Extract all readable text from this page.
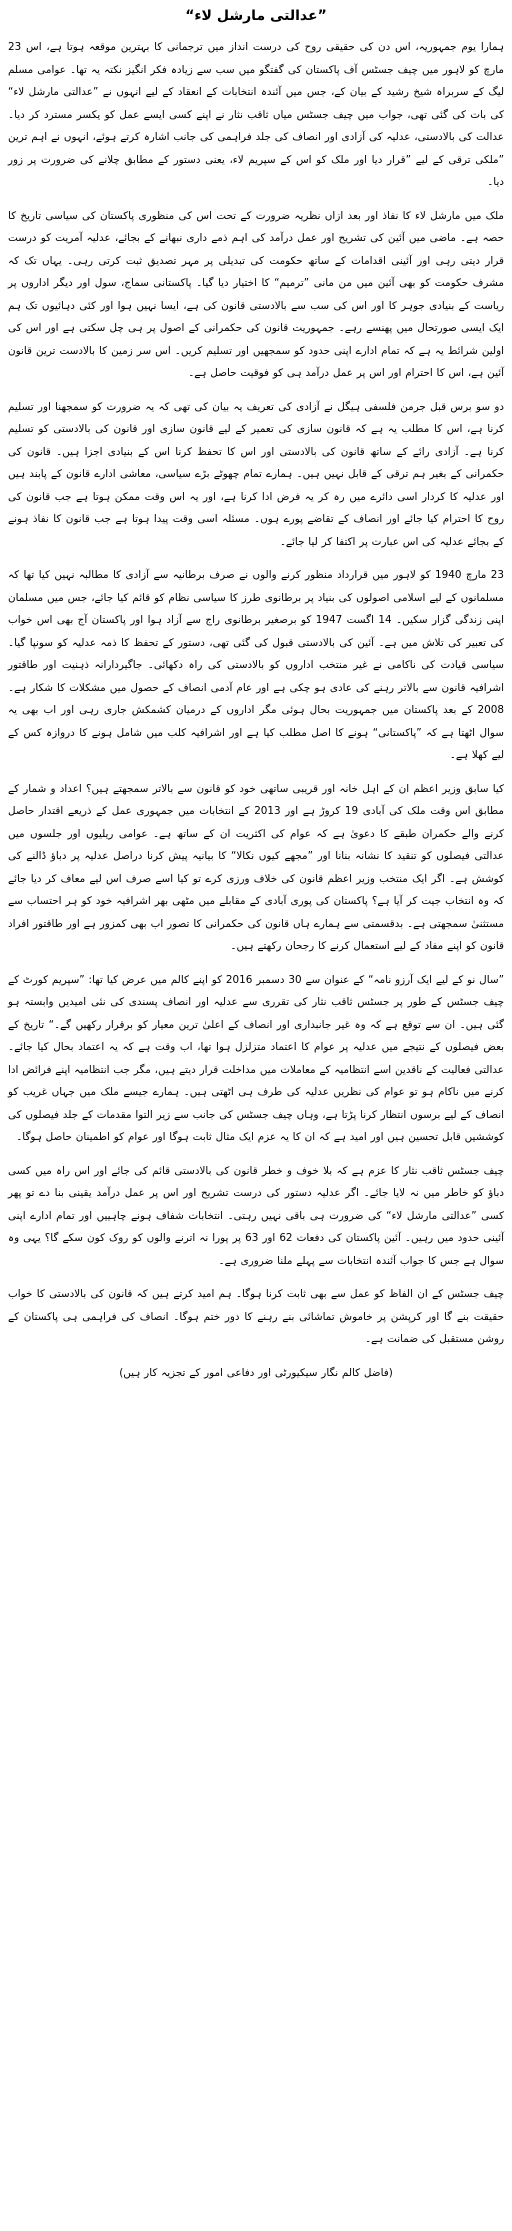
”عدالتی مارشل لاء“

ہمارا یوم جمہوریہ، اس دن کی حقیقی روح کی درست انداز میں ترجمانی کا بہترین موقعہ ہوتا ہے، اس 23 مارچ کو لاہور میں چیف جسٹس آف پاکستان کی گفتگو میں سب سے زیادہ فکر انگیز نکتہ یہ تھا۔ عوامی مسلم لیگ کے سربراہ شیخ رشید کے بیان کے، جس میں آئندہ انتخابات کے انعقاد کے لیے انہوں نے ”عدالتی مارشل لاء“ کی بات کی گئی تھی، جواب میں چیف جسٹس میاں ثاقب نثار نے اپنے کسی ایسے عمل کو یکسر مسترد کر دیا۔ عدالت کی بالادستی، عدلیہ کی آزادی اور انصاف کی جلد فراہمی کی جانب اشارہ کرتے ہوئے، انہوں نے اہم ترین ”ملکی ترقی کے لیے ”قرار دیا اور ملک کو اس کے سپریم لاء، یعنی دستور کے مطابق چلانے کی ضرورت پر زور دیا۔

ملک میں مارشل لاء کا نفاذ اور بعد ازاں نظریہ ضرورت کے تحت اس کی منظوری پاکستان کی سیاسی تاریخ کا حصہ ہے۔ ماضی میں آئین کی تشریح اور عمل درآمد کی اہم ذمے داری نبھانے کے بجائے، عدلیہ آمریت کو درست قرار دیتی رہی اور آئینی اقدامات کے ساتھ حکومت کی تبدیلی پر مہر تصدیق ثبت کرتی رہی۔ یہاں تک کہ مشرف حکومت کو بھی آئین میں من مانی ”ترمیم“ کا اختیار دیا گیا۔ پاکستانی سماج، سول اور دیگر اداروں پر ریاست کے بنیادی جوہر کا اور اس کی سب سے بالادستی قانون کی ہے، ایسا نہیں ہوا اور کئی دہائیوں تک ہم ایک ایسی صورتحال میں پھنسے رہے۔ جمہوریت قانون کی حکمرانی کے اصول پر ہی چل سکتی ہے اور اس کی اولین شرائط یہ ہے کہ تمام ادارے اپنی حدود کو سمجھیں اور تسلیم کریں۔ اس سر زمین کا بالادست ترین قانون آئین ہے، اس کا احترام اور اس پر عمل درآمد ہی کو فوقیت حاصل ہے۔

دو سو برس قبل جرمن فلسفی ہیگل نے آزادی کی تعریف یہ بیان کی تھی کہ یہ ضرورت کو سمجھنا اور تسلیم کرنا ہے، اس کا مطلب یہ ہے کہ قانون سازی کی تعمیر کے لیے قانون سازی اور قانون کی بالادستی کو تسلیم کرنا ہے۔ آزادی رائے کے ساتھ قانون کی بالادستی اور اس کا تحفظ کرنا اس کے بنیادی اجزا ہیں۔ قانون کی حکمرانی کے بغیر ہم ترقی کے قابل نہیں ہیں۔ ہمارے تمام چھوٹے بڑے سیاسی، معاشی ادارے قانون کے پابند ہیں اور عدلیہ کا کردار اسی دائرے میں رہ کر یہ فرض ادا کرنا ہے، اور یہ اس وقت ممکن ہوتا ہے جب قانون کی روح کا احترام کیا جائے اور انصاف کے تقاضے پورے ہوں۔ مسئلہ اسی وقت پیدا ہوتا ہے جب قانون کا نفاذ ہونے کے بجائے عدلیہ کی اس عبارت پر اکتفا کر لیا جائے۔

23 مارچ 1940 کو لاہور میں قرارداد منظور کرنے والوں نے صرف برطانیہ سے آزادی کا مطالبہ نہیں کیا تھا کہ مسلمانوں کے لیے اسلامی اصولوں کی بنیاد پر برطانوی طرز کا سیاسی نظام کو قائم کیا جائے، جس میں مسلمان اپنی زندگی گزار سکیں۔ 14 اگست 1947 کو برصغیر برطانوی راج سے آزاد ہوا اور پاکستان آج بھی اس خواب کی تعبیر کی تلاش میں ہے۔ آئین کی بالادستی قبول کی گئی تھی، دستور کے تحفظ کا ذمہ عدلیہ کو سونپا گیا۔ سیاسی قیادت کی ناکامی نے غیر منتخب اداروں کو بالادستی کی راہ دکھائی۔ جاگیردارانہ ذہنیت اور طاقتور اشرافیہ قانون سے بالاتر رہنے کی عادی ہو چکی ہے اور عام آدمی انصاف کے حصول میں مشکلات کا شکار ہے۔ 2008 کے بعد پاکستان میں جمہوریت بحال ہوئی مگر اداروں کے درمیان کشمکش جاری رہی اور اب بھی یہ سوال اٹھتا ہے کہ ”پاکستانی“ ہونے کا اصل مطلب کیا ہے اور اشرافیہ کلب میں شامل ہونے کا دروازہ کس کے لیے کھلا ہے۔

کیا سابق وزیر اعظم ان کے اہل خانہ اور قریبی ساتھی خود کو قانون سے بالاتر سمجھتے ہیں؟ اعداد و شمار کے مطابق اس وقت ملک کی آبادی 19 کروڑ ہے اور 2013 کے انتخابات میں جمہوری عمل کے ذریعے اقتدار حاصل کرنے والے حکمران طبقے کا دعویٰ ہے کہ عوام کی اکثریت ان کے ساتھ ہے۔ عوامی ریلیوں اور جلسوں میں عدالتی فیصلوں کو تنقید کا نشانہ بنانا اور ”مجھے کیوں نکالا“ کا بیانیہ پیش کرنا دراصل عدلیہ پر دباؤ ڈالنے کی کوشش ہے۔ اگر ایک منتخب وزیر اعظم قانون کی خلاف ورزی کرے تو کیا اسے صرف اس لیے معاف کر دیا جائے کہ وہ انتخاب جیت کر آیا ہے؟ پاکستان کی پوری آبادی کے مقابلے میں مٹھی بھر اشرافیہ خود کو ہر احتساب سے مستثنیٰ سمجھتی ہے۔ بدقسمتی سے ہمارے ہاں قانون کی حکمرانی کا تصور اب بھی کمزور ہے اور طاقتور افراد قانون کو اپنے مفاد کے لیے استعمال کرنے کا رجحان رکھتے ہیں۔

”سال نو کے لیے ایک آرزو نامہ“ کے عنوان سے 30 دسمبر 2016 کو اپنے کالم میں عرض کیا تھا: ”سپریم کورٹ کے چیف جسٹس کے طور پر جسٹس ثاقب نثار کی تقرری سے عدلیہ اور انصاف پسندی کی نئی امیدیں وابستہ ہو گئی ہیں۔ ان سے توقع ہے کہ وہ غیر جانبداری اور انصاف کے اعلیٰ ترین معیار کو برقرار رکھیں گے۔“ تاریخ کے بعض فیصلوں کے نتیجے میں عدلیہ پر عوام کا اعتماد متزلزل ہوا تھا، اب وقت ہے کہ یہ اعتماد بحال کیا جائے۔ عدالتی فعالیت کے ناقدین اسے انتظامیہ کے معاملات میں مداخلت قرار دیتے ہیں، مگر جب انتظامیہ اپنے فرائض ادا کرنے میں ناکام ہو تو عوام کی نظریں عدلیہ کی طرف ہی اٹھتی ہیں۔ ہمارے جیسے ملک میں جہاں غریب کو انصاف کے لیے برسوں انتظار کرنا پڑتا ہے، وہاں چیف جسٹس کی جانب سے زیر التوا مقدمات کے جلد فیصلوں کی کوششیں قابل تحسین ہیں اور امید ہے کہ ان کا یہ عزم ایک مثال ثابت ہوگا اور عوام کو اطمینان حاصل ہوگا۔

چیف جسٹس ثاقب نثار کا عزم ہے کہ بلا خوف و خطر قانون کی بالادستی قائم کی جائے اور اس راہ میں کسی دباؤ کو خاطر میں نہ لایا جائے۔ اگر عدلیہ دستور کی درست تشریح اور اس پر عمل درآمد یقینی بنا دے تو پھر کسی ”عدالتی مارشل لاء“ کی ضرورت ہی باقی نہیں رہتی۔ انتخابات شفاف ہونے چاہییں اور تمام ادارے اپنی آئینی حدود میں رہیں۔ آئین پاکستان کی دفعات 62 اور 63 پر پورا نہ اترنے والوں کو روک کون سکے گا؟ یہی وہ سوال ہے جس کا جواب آئندہ انتخابات سے پہلے ملنا ضروری ہے۔

چیف جسٹس کے ان الفاظ کو عمل سے بھی ثابت کرنا ہوگا۔ ہم امید کرتے ہیں کہ قانون کی بالادستی کا خواب حقیقت بنے گا اور کرپشن پر خاموش تماشائی بنے رہنے کا دور ختم ہوگا۔ انصاف کی فراہمی ہی پاکستان کے روشن مستقبل کی ضمانت ہے۔

(فاضل کالم نگار سیکیورٹی اور دفاعی امور کے تجزیہ کار ہیں)
